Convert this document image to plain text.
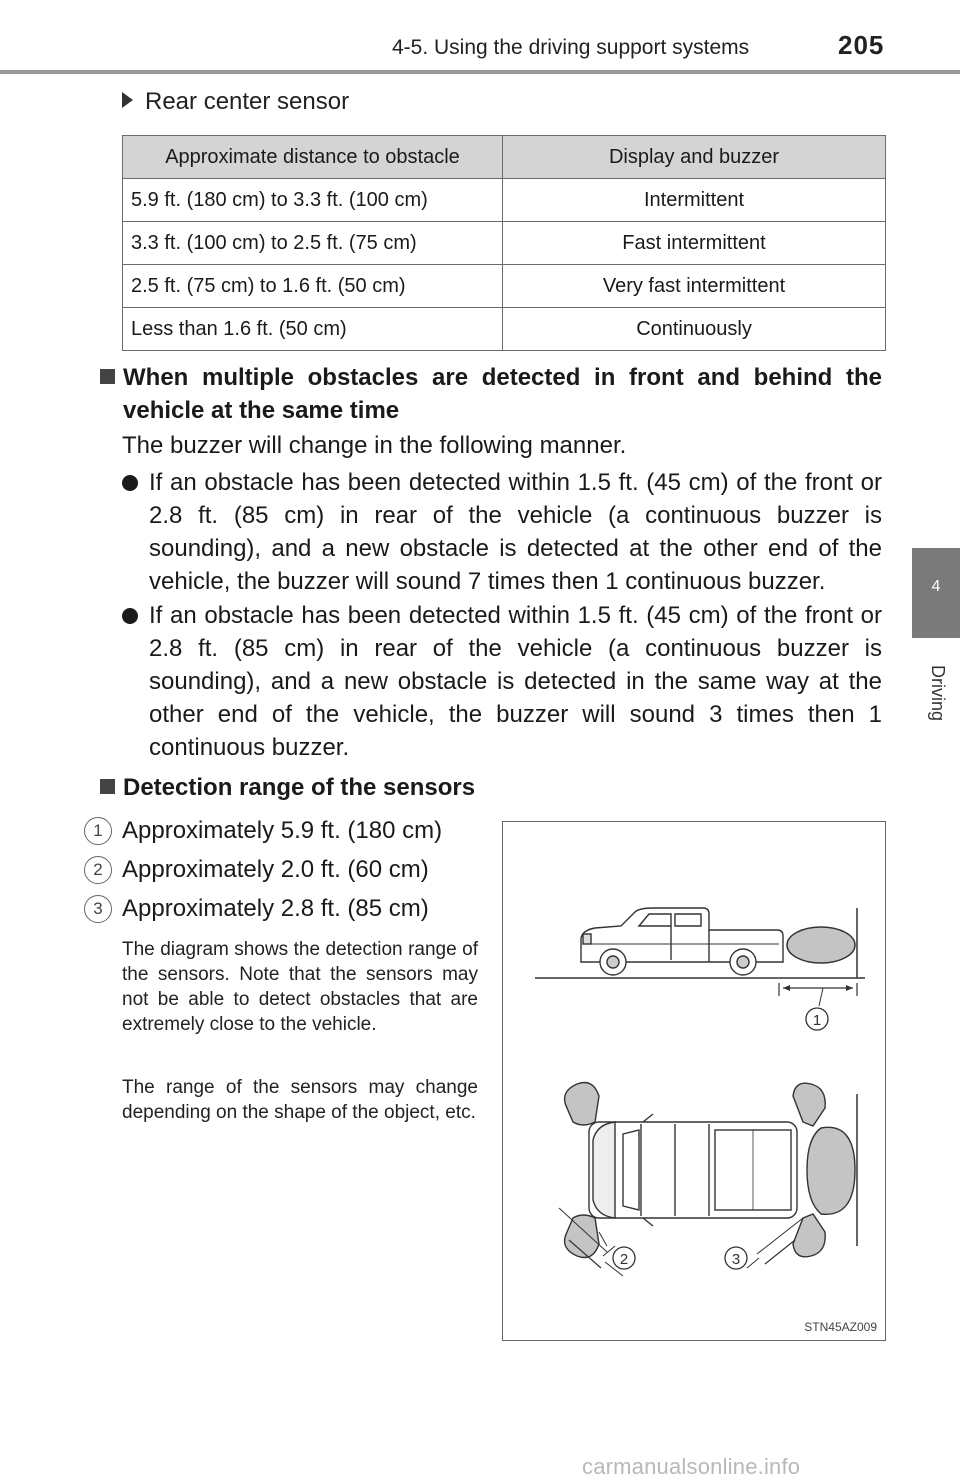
4-5. Using the driving support systems	205
4
Driving
Rear center sensor
Approximate distance to obstacle	Display and buzzer
5.9 ft. (180 cm) to 3.3 ft. (100 cm)	Intermittent
3.3 ft. (100 cm) to 2.5 ft. (75 cm)	Fast intermittent
2.5 ft. (75 cm) to 1.6 ft. (50 cm)	Very fast intermittent
Less than 1.6 ft. (50 cm)	Continuously
When multiple obstacles are detected in front and behind the vehicle at the same time
The buzzer will change in the following manner.
If an obstacle has been detected within 1.5 ft. (45 cm) of the front or 2.8 ft. (85 cm) in rear of the vehicle (a continuous buzzer is sounding), and a new obstacle is detected at the other end of the vehicle, the buzzer will sound 7 times then 1 continuous buzzer.
If an obstacle has been detected within 1.5 ft. (45 cm) of the front or 2.8 ft. (85 cm) in rear of the vehicle (a continuous buzzer is sounding), and a new obstacle is detected in the same way at the other end of the vehicle, the buzzer will sound 3 times then 1 continuous buzzer.
Detection range of the sensors
1 Approximately 5.9 ft. (180 cm)
2 Approximately 2.0 ft. (60 cm)
3 Approximately 2.8 ft. (85 cm)
The diagram shows the detection range of the sensors. Note that the sensors may not be able to detect obstacles that are extremely close to the vehicle.
The range of the sensors may change depending on the shape of the object, etc.
1
2	3
STN45AZ009
carmanualsonline.info
